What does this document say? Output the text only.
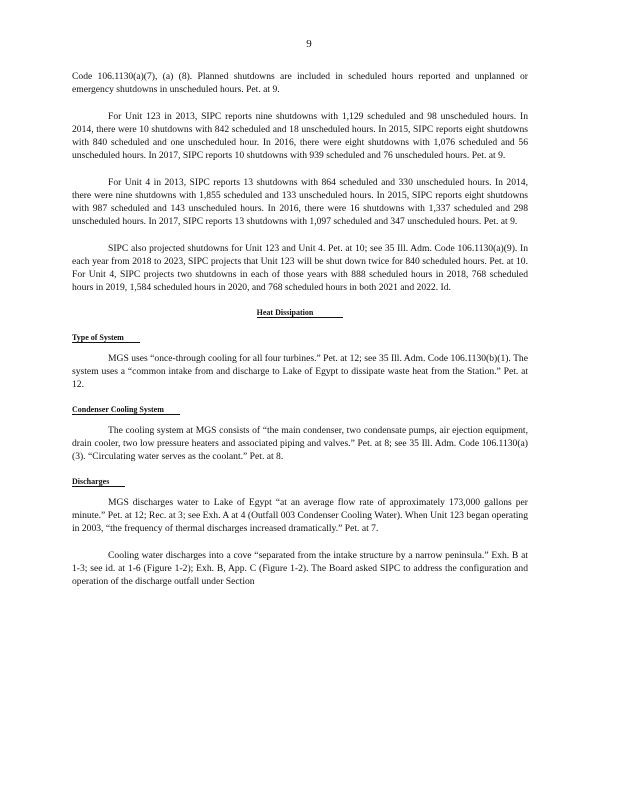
9

Code 106.1130(a)(7), (a) (8). Planned shutdowns are included in scheduled hours reported and unplanned or emergency shutdowns in unscheduled hours. Pet. at 9.

For Unit 123 in 2013, SIPC reports nine shutdowns with 1,129 scheduled and 98 unscheduled hours. In 2014, there were 10 shutdowns with 842 scheduled and 18 unscheduled hours. In 2015, SIPC reports eight shutdowns with 840 scheduled and one unscheduled hour. In 2016, there were eight shutdowns with 1,076 scheduled and 56 unscheduled hours. In 2017, SIPC reports 10 shutdowns with 939 scheduled and 76 unscheduled hours. Pet. at 9.

For Unit 4 in 2013, SIPC reports 13 shutdowns with 864 scheduled and 330 unscheduled hours. In 2014, there were nine shutdowns with 1,855 scheduled and 133 unscheduled hours. In 2015, SIPC reports eight shutdowns with 987 scheduled and 143 unscheduled hours. In 2016, there were 16 shutdowns with 1,337 scheduled and 298 unscheduled hours. In 2017, SIPC reports 13 shutdowns with 1,097 scheduled and 347 unscheduled hours. Pet. at 9.

SIPC also projected shutdowns for Unit 123 and Unit 4. Pet. at 10; see 35 Ill. Adm. Code 106.1130(a)(9). In each year from 2018 to 2023, SIPC projects that Unit 123 will be shut down twice for 840 scheduled hours. Pet. at 10. For Unit 4, SIPC projects two shutdowns in each of those years with 888 scheduled hours in 2018, 768 scheduled hours in 2019, 1,584 scheduled hours in 2020, and 768 scheduled hours in both 2021 and 2022. Id.

Heat Dissipation
Type of System

MGS uses “once-through cooling for all four turbines.” Pet. at 12; see 35 Ill. Adm. Code 106.1130(b)(1). The system uses a “common intake from and discharge to Lake of Egypt to dissipate waste heat from the Station.” Pet. at 12.

Condenser Cooling System

The cooling system at MGS consists of “the main condenser, two condensate pumps, air ejection equipment, drain cooler, two low pressure heaters and associated piping and valves.” Pet. at 8; see 35 Ill. Adm. Code 106.1130(a)(3). “Circulating water serves as the coolant.” Pet. at 8.

Discharges

MGS discharges water to Lake of Egypt “at an average flow rate of approximately 173,000 gallons per minute.” Pet. at 12; Rec. at 3; see Exh. A at 4 (Outfall 003 Condenser Cooling Water). When Unit 123 began operating in 2003, “the frequency of thermal discharges increased dramatically.” Pet. at 7.

Cooling water discharges into a cove “separated from the intake structure by a narrow peninsula.” Exh. B at 1-3; see id. at 1-6 (Figure 1-2); Exh. B, App. C (Figure 1-2). The Board asked SIPC to address the configuration and operation of the discharge outfall under Section
